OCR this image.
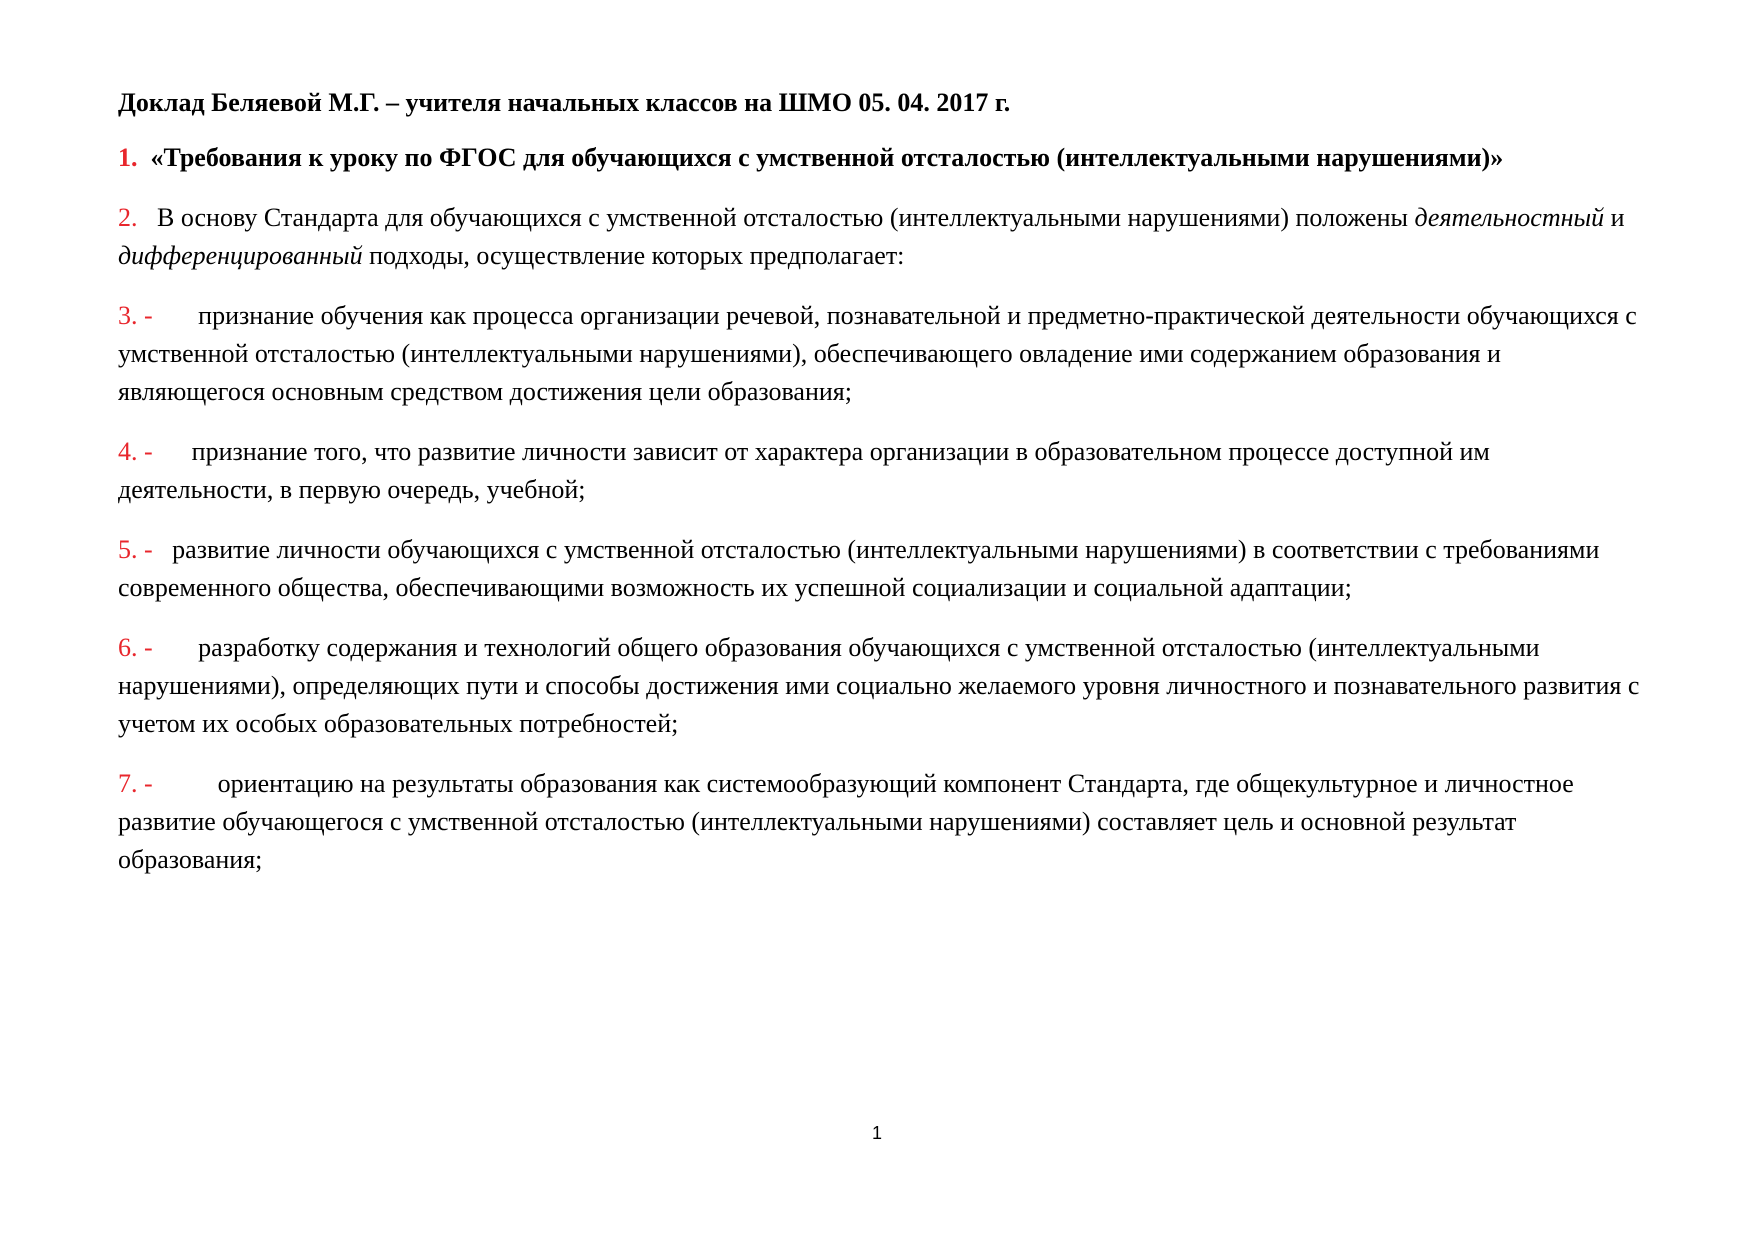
Доклад Беляевой М.Г. – учителя начальных классов на ШМО 05. 04. 2017 г.

1. «Требования к уроку по ФГОС для обучающихся с умственной отсталостью (интеллектуальными нарушениями)»

2. В основу Стандарта для обучающихся с умственной отсталостью (интеллектуальными нарушениями) положены деятельностный и дифференцированный подходы, осуществление которых предполагает:

3. - признание обучения как процесса организации речевой, познавательной и предметно-практической деятельности обучающихся с умственной отсталостью (интеллектуальными нарушениями), обеспечивающего овладение ими содержанием образования и являющегося основным средством достижения цели образования;

4. - признание того, что развитие личности зависит от характера организации в образовательном процессе доступной им деятельности, в первую очередь, учебной;

5. - развитие личности обучающихся с умственной отсталостью (интеллектуальными нарушениями) в соответствии с требованиями современного общества, обеспечивающими возможность их успешной социализации и социальной адаптации;

6. - разработку содержания и технологий общего образования обучающихся с умственной отсталостью (интеллектуальными нарушениями), определяющих пути и способы достижения ими социально желаемого уровня личностного и познавательного развития с учетом их особых образовательных потребностей;

7. -	ориентацию на результаты образования как системообразующий компонент Стандарта, где общекультурное и личностное развитие обучающегося с умственной отсталостью (интеллектуальными нарушениями) составляет цель и основной результат образования;

1
